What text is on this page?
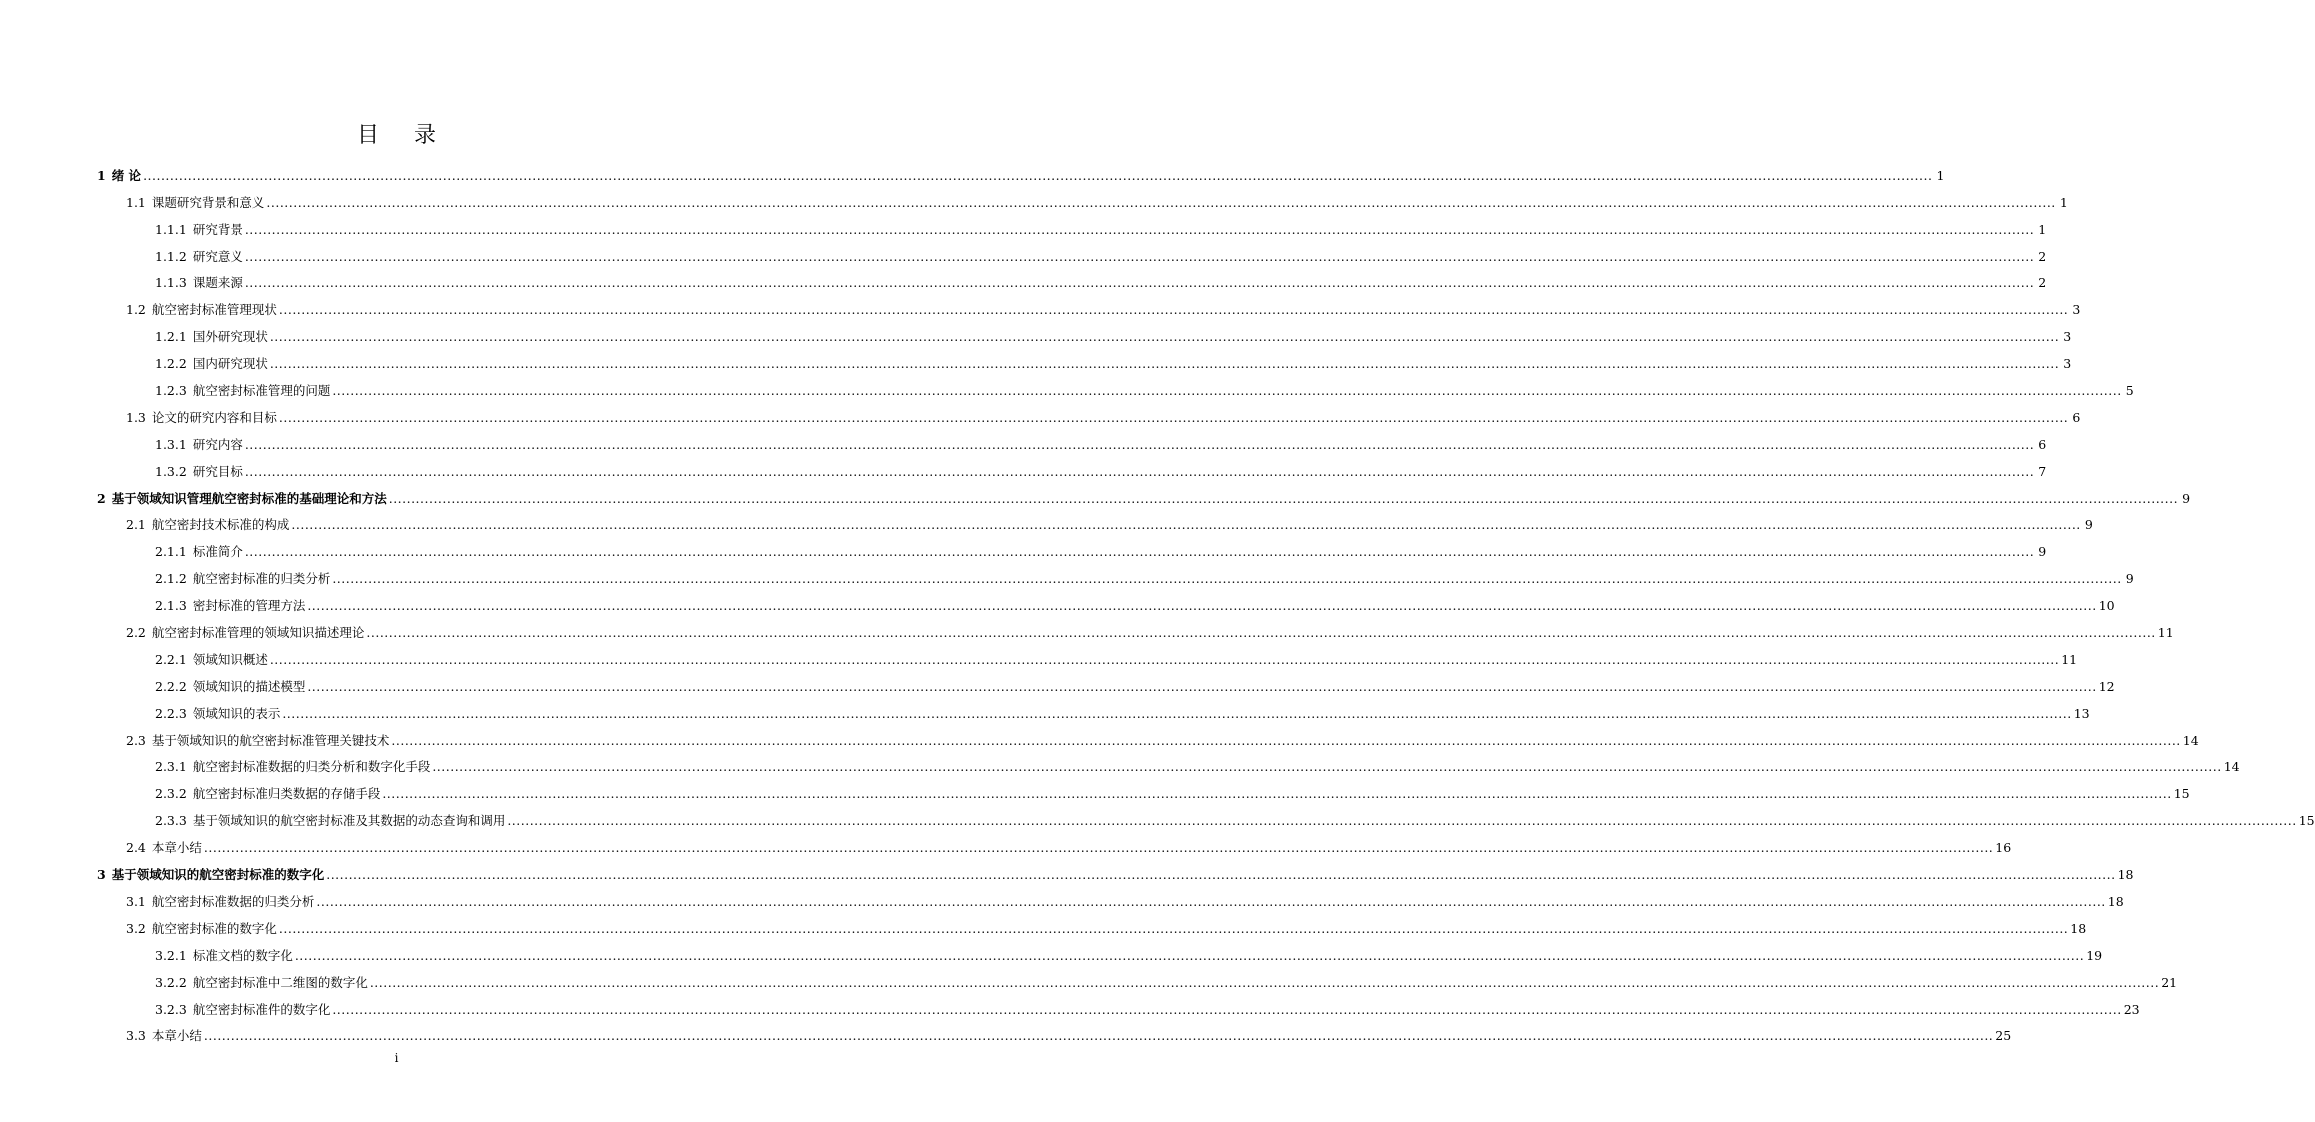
目 录
1 绪 论 ................................................................................................................................................................................................................................................................................................................................................................................................................ 1
1.1 课题研究背景和意义 ................................................................................................................................................................................................................................................................................................................................................................................................................ 1
1.1.1 研究背景 ................................................................................................................................................................................................................................................................................................................................................................................................................ 1
1.1.2 研究意义 ................................................................................................................................................................................................................................................................................................................................................................................................................ 2
1.1.3 课题来源 ................................................................................................................................................................................................................................................................................................................................................................................................................ 2
1.2 航空密封标准管理现状 ................................................................................................................................................................................................................................................................................................................................................................................................................ 3
1.2.1 国外研究现状 ................................................................................................................................................................................................................................................................................................................................................................................................................ 3
1.2.2 国内研究现状 ................................................................................................................................................................................................................................................................................................................................................................................................................ 3
1.2.3 航空密封标准管理的问题 ................................................................................................................................................................................................................................................................................................................................................................................................................ 5
1.3 论文的研究内容和目标 ................................................................................................................................................................................................................................................................................................................................................................................................................ 6
1.3.1 研究内容 ................................................................................................................................................................................................................................................................................................................................................................................................................ 6
1.3.2 研究目标 ................................................................................................................................................................................................................................................................................................................................................................................................................ 7
2 基于领域知识管理航空密封标准的基础理论和方法 ................................................................................................................................................................................................................................................................................................................................................................................................................ 9
2.1 航空密封技术标准的构成 ................................................................................................................................................................................................................................................................................................................................................................................................................ 9
2.1.1 标准简介 ................................................................................................................................................................................................................................................................................................................................................................................................................ 9
2.1.2 航空密封标准的归类分析 ................................................................................................................................................................................................................................................................................................................................................................................................................ 9
2.1.3 密封标准的管理方法 ................................................................................................................................................................................................................................................................................................................................................................................................................ 10
2.2 航空密封标准管理的领域知识描述理论 ................................................................................................................................................................................................................................................................................................................................................................................................................ 11
2.2.1 领域知识概述 ................................................................................................................................................................................................................................................................................................................................................................................................................ 11
2.2.2 领域知识的描述模型 ................................................................................................................................................................................................................................................................................................................................................................................................................ 12
2.2.3 领域知识的表示 ................................................................................................................................................................................................................................................................................................................................................................................................................ 13
2.3 基于领域知识的航空密封标准管理关键技术 ................................................................................................................................................................................................................................................................................................................................................................................................................ 14
2.3.1 航空密封标准数据的归类分析和数字化手段 ................................................................................................................................................................................................................................................................................................................................................................................................................ 14
2.3.2 航空密封标准归类数据的存储手段 ................................................................................................................................................................................................................................................................................................................................................................................................................ 15
2.3.3 基于领域知识的航空密封标准及其数据的动态查询和调用 ................................................................................................................................................................................................................................................................................................................................................................................................................ 15
2.4 本章小结 ................................................................................................................................................................................................................................................................................................................................................................................................................ 16
3 基于领域知识的航空密封标准的数字化 ................................................................................................................................................................................................................................................................................................................................................................................................................ 18
3.1 航空密封标准数据的归类分析 ................................................................................................................................................................................................................................................................................................................................................................................................................ 18
3.2 航空密封标准的数字化 ................................................................................................................................................................................................................................................................................................................................................................................................................ 18
3.2.1 标准文档的数字化 ................................................................................................................................................................................................................................................................................................................................................................................................................ 19
3.2.2 航空密封标准中二维图的数字化 ................................................................................................................................................................................................................................................................................................................................................................................................................ 21
3.2.3 航空密封标准件的数字化 ................................................................................................................................................................................................................................................................................................................................................................................................................ 23
3.3 本章小结 ................................................................................................................................................................................................................................................................................................................................................................................................................ 25
i
